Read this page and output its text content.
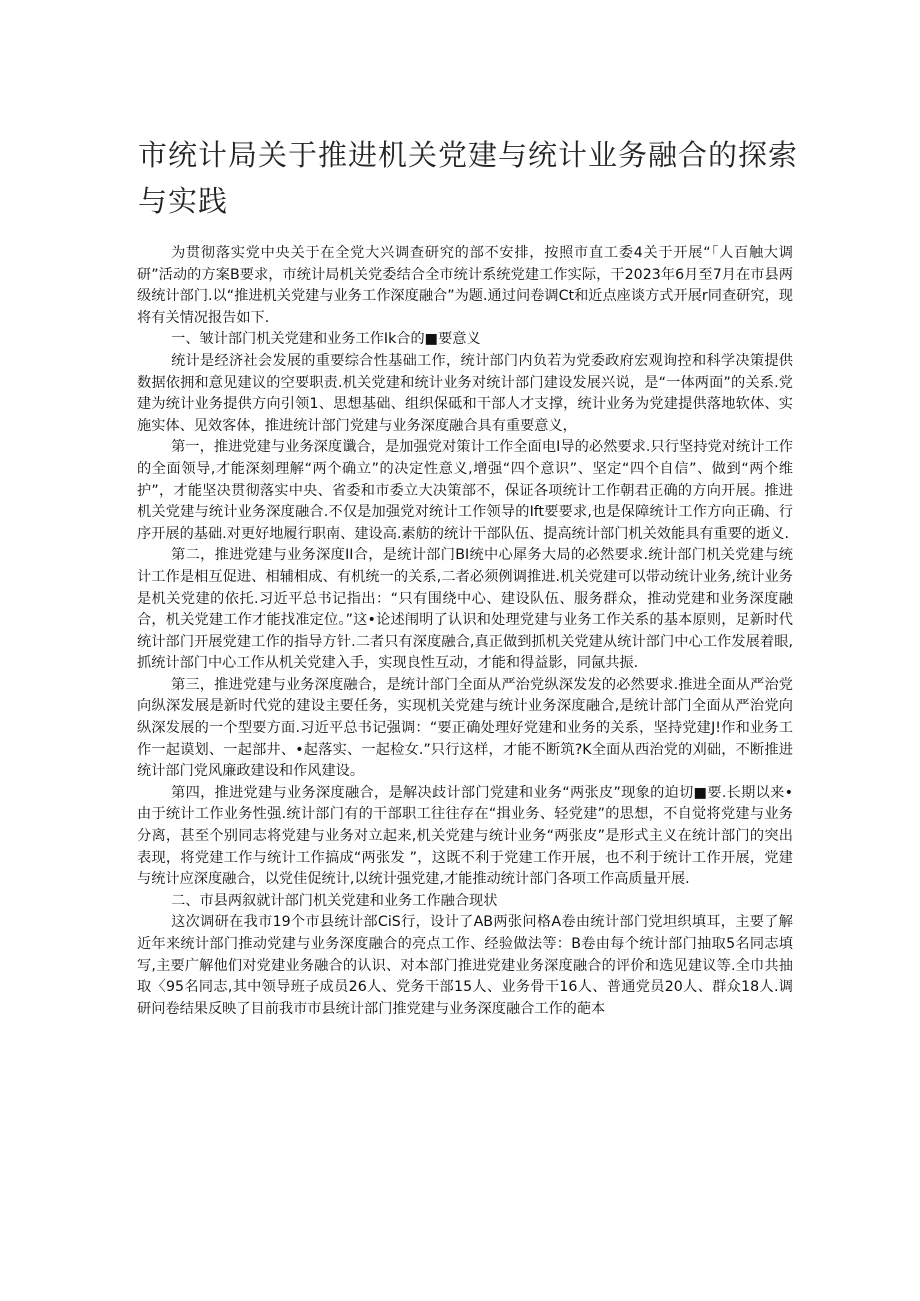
市统计局关于推进机关党建与统计业务融合的探索与实践

为贯彻落实党中央关于在全党大兴调查研究的部不安排，按照市直工委4关于开展“「人百触大调研”活动的方案B要求，市统计局机关党委结合全市统计系统党建工作实际，干2023年6月至7月在市县两级统计部门.以“推进机关党建与业务工作深度融合”为题.通过问卷调Ct和近点座谈方式开展r同查研究，现将有关情况报告如下.

一、皱计部门机关党建和业务工作Ik合的■要意义

统计是经济社会发展的重要综合性基础工作，统计部门内负若为党委政府宏观询控和科学决策提供数据依拥和意见建议的空要职责.机关党建和统计业务对统计部门建设发展兴说，是“一体两面”的关系.党建为统计业务提供方向引领1、思想基础、组织保砥和干部人才支撑，统计业务为党建提供落地软体、实施实体、见效客体，推进统计部门党建与业务深度融合具有重要意义，

第一，推进党建与业务深度谶合，是加强党对策计工作全面电I导的必然要求.只行坚持党对统计工作的全面领导,才能深刻理解“两个确立”的决定性意义,增强“四个意识”、坚定“四个自信”、做到“两个维护”，才能坚决贯彻落实中央、省委和市委立大决策部不，保证各项统计工作朝君正确的方向开展。推进机关党建与统计业务深度融合.不仅是加强党对统计工作领导的Ift要要求,也是保障统计工作方向正确、行序开展的基础.对更好地履行职南、建设高.素舫的统计干部队伍、提高统计部门机关效能具有重要的逝义.

第二，推进党建与业务深度II合，是统计部门BI统中心犀务大局的必然要求.统计部门机关党建与统计工作是相互促进、相辅相成、有机统一的关系,二者必须例调推进.机关党建可以带动统计业务,统计业务是机关党建的依托.习近平总书记指出：“只有围绕中心、建设队伍、服务群众，推动党建和业务深度融合，机关党建工作才能找准定位。”这•论述闱明了认识和处理党建与业务工作关系的基本原则，足新时代统计部门开展党建工作的指导方针.二者只有深度融合,真正做到抓机关党建从统计部门中心工作发展着眼,抓统计部门中心工作从机关党建入手，实现良性互动，才能和得益影，同氤共振.

第三，推进党建与业务深度融合，是统计部门全面从严治党纵深发发的必然要求.推进全面从严治党向纵深发展是新时代党的建设主要任务，实现机关党建与统计业务深度融合,是统计部门全面从严治党向纵深发展的一个型要方面.习近平总书记强调：“要正确处理好党建和业务的关系，坚持党建J!作和业务工作一起谟划、一起部井、•起落实、一起检女.”只行这样，才能不断筑?K全面从西治党的刈础，不断推进统计部门党风廉政建设和作风建设。

第四，推进党建与业务深度融合，是解决歧计部门党建和业务“两张皮”现象的迫切■要.长期以来•由于统计工作业务性强.统计部门有的干部职工往往存在“揖业务、轻党建”的思想，不自觉将党建与业务分离，甚至个别同志将党建与业务对立起来,机关党建与统计业务“两张皮”是形式主义在统计部门的突出表现，将党建工作与统计工作搞成“两张发 ”，这既不利于党建工作开展，也不利于统计工作开展，党建与统计应深度融合，以党佳促统计,以统计强党建,才能推动统计部门各项工作高质量开展.

二、市县两叙就计部门机关党建和业务工作融合现状

这次调研在我市19个市县统计部CiS行，设计了AB两张问格A卷由统计部门党坦织填耳，主要了解近年来统计部门推动党建与业务深度融合的亮点工作、经验做法等：B卷由每个统计部门抽取5名同志填写,主要广解他们对党建业务融合的认识、对本部门推进党建业务深度融合的评价和选见建议等.全巾共抽取〈95名同志,其中领导班子成员26人、党务干部15人、业务骨干16人、普通党员20人、群众18人.调研问卷结果反映了目前我市市县统计部门推党建与业务深度融合工作的葩本
